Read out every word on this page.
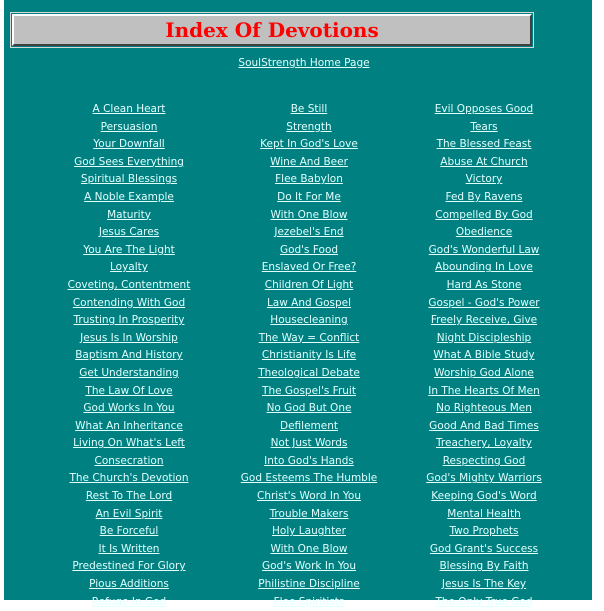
Index Of Devotions
SoulStrength Home Page
A Clean Heart
Persuasion
Your Downfall
God Sees Everything
Spiritual Blessings
A Noble Example
Maturity
Jesus Cares
You Are The Light
Loyalty
Coveting, Contentment
Contending With God
Trusting In Prosperity
Jesus Is In Worship
Baptism And History
Get Understanding
The Law Of Love
God Works In You
What An Inheritance
Living On What's Left
Consecration
The Church's Devotion
Rest To The Lord
An Evil Spirit
Be Forceful
It Is Written
Predestined For Glory
Pious Additions
Refuge In God
Be Still
Strength
Kept In God's Love
Wine And Beer
Flee Babylon
Do It For Me
With One Blow
Jezebel's End
God's Food
Enslaved Or Free?
Children Of Light
Law And Gospel
Housecleaning
The Way = Conflict
Christianity Is Life
Theological Debate
The Gospel's Fruit
No God But One
Defilement
Not Just Words
Into God's Hands
God Esteems The Humble
Christ's Word In You
Trouble Makers
Holy Laughter
With One Blow
God's Work In You
Philistine Discipline
Flee Spiritists
Evil Opposes Good
Tears
The Blessed Feast
Abuse At Church
Victory
Fed By Ravens
Compelled By God
Obedience
God's Wonderful Law
Abounding In Love
Hard As Stone
Gospel - God's Power
Freely Receive, Give
Night Discipleship
What A Bible Study
Worship God Alone
In The Hearts Of Men
No Righteous Men
Good And Bad Times
Treachery, Loyalty
Respecting God
God's Mighty Warriors
Keeping God's Word
Mental Health
Two Prophets
God Grant's Success
Blessing By Faith
Jesus Is The Key
The Only True God
